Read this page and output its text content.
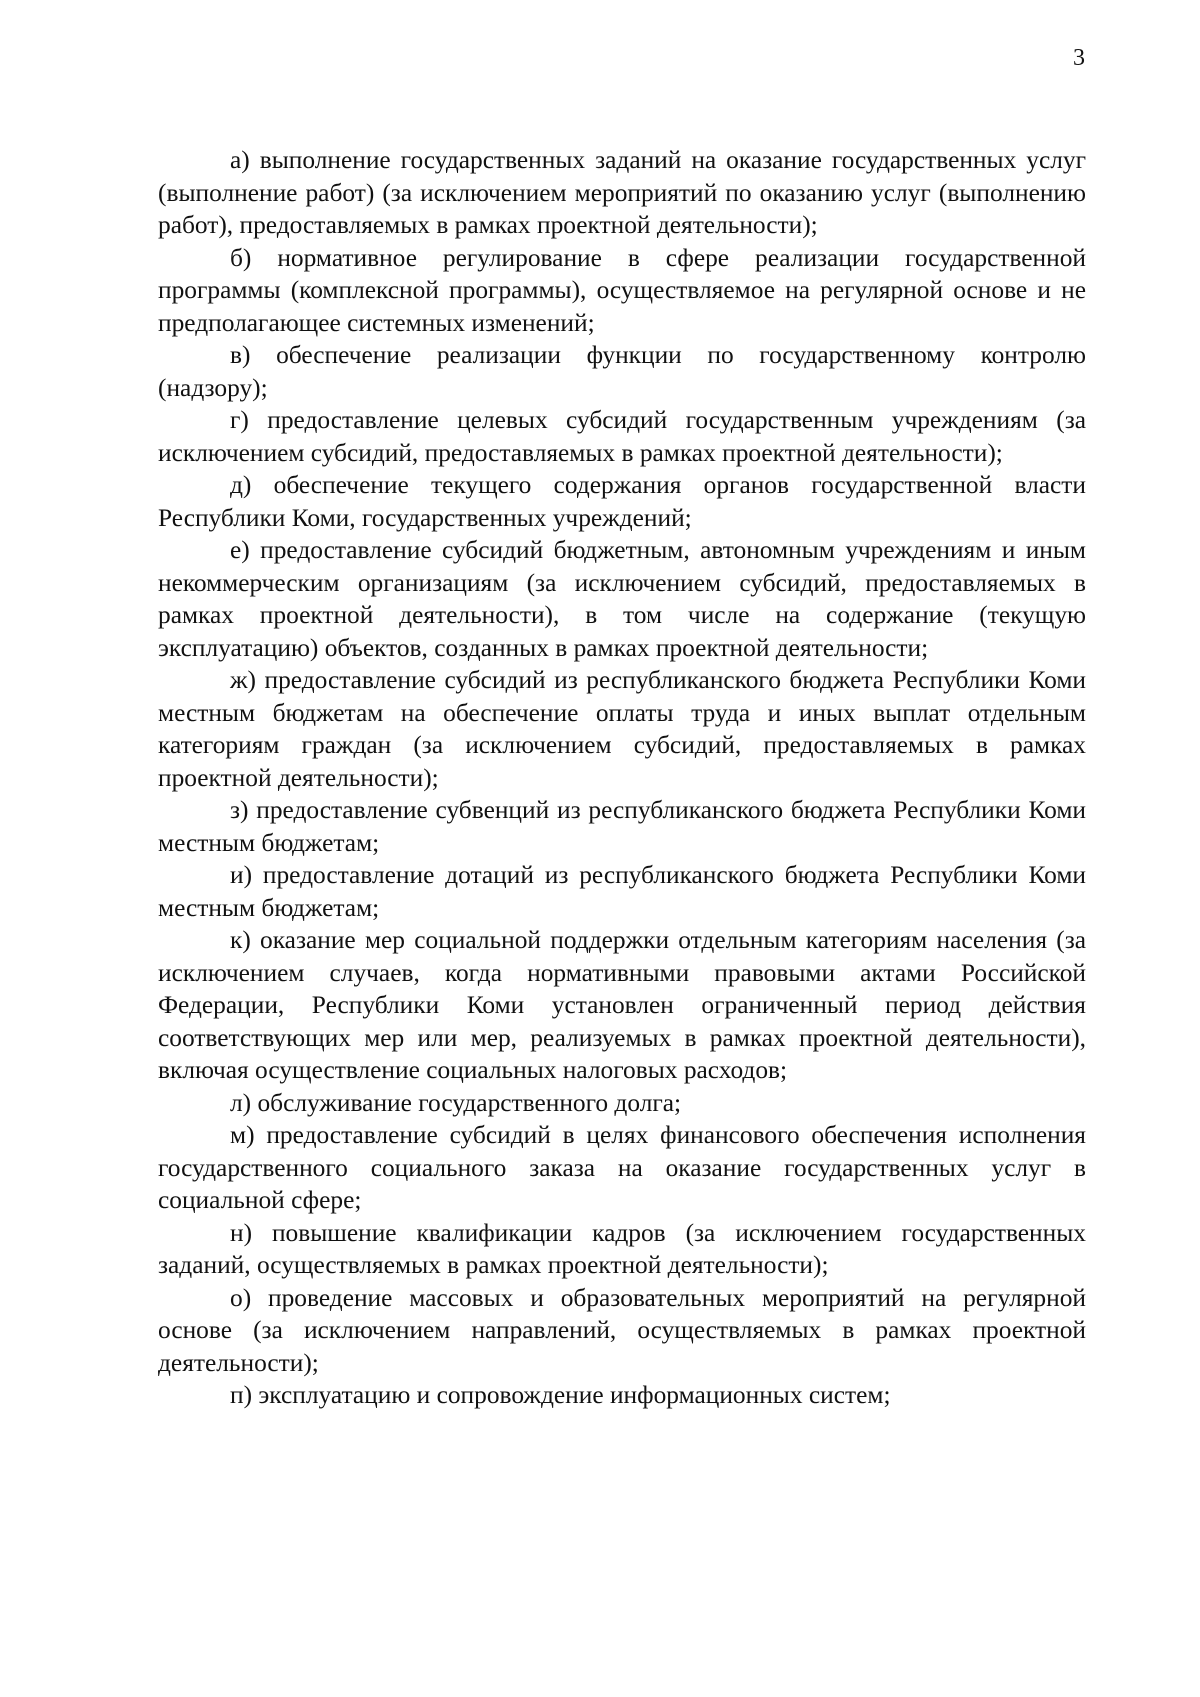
3

а) выполнение государственных заданий на оказание государственных услуг (выполнение работ) (за исключением мероприятий по оказанию услуг (выполнению работ), предоставляемых в рамках проектной деятельности);

б) нормативное регулирование в сфере реализации государственной программы (комплексной программы), осуществляемое на регулярной основе и не предполагающее системных изменений;

в) обеспечение реализации функции по государственному контролю (надзору);

г) предоставление целевых субсидий государственным учреждениям (за исключением субсидий, предоставляемых в рамках проектной деятельности);

д) обеспечение текущего содержания органов государственной власти Республики Коми, государственных учреждений;

е) предоставление субсидий бюджетным, автономным учреждениям и иным некоммерческим организациям (за исключением субсидий, предоставляемых в рамках проектной деятельности), в том числе на содержание (текущую эксплуатацию) объектов, созданных в рамках проектной деятельности;

ж) предоставление субсидий из республиканского бюджета Республики Коми местным бюджетам на обеспечение оплаты труда и иных выплат отдельным категориям граждан (за исключением субсидий, предоставляемых в рамках проектной деятельности);

з) предоставление субвенций из республиканского бюджета Республики Коми местным бюджетам;

и) предоставление дотаций из республиканского бюджета Республики Коми местным бюджетам;

к) оказание мер социальной поддержки отдельным категориям населения (за исключением случаев, когда нормативными правовыми актами Российской Федерации, Республики Коми установлен ограниченный период действия соответствующих мер или мер, реализуемых в рамках проектной деятельности), включая осуществление социальных налоговых расходов;

л) обслуживание государственного долга;

м) предоставление субсидий в целях финансового обеспечения исполнения государственного социального заказа на оказание государственных услуг в социальной сфере;

н) повышение квалификации кадров (за исключением государственных заданий, осуществляемых в рамках проектной деятельности);

о) проведение массовых и образовательных мероприятий на регулярной основе (за исключением направлений, осуществляемых в рамках проектной деятельности);

п) эксплуатацию и сопровождение информационных систем;
